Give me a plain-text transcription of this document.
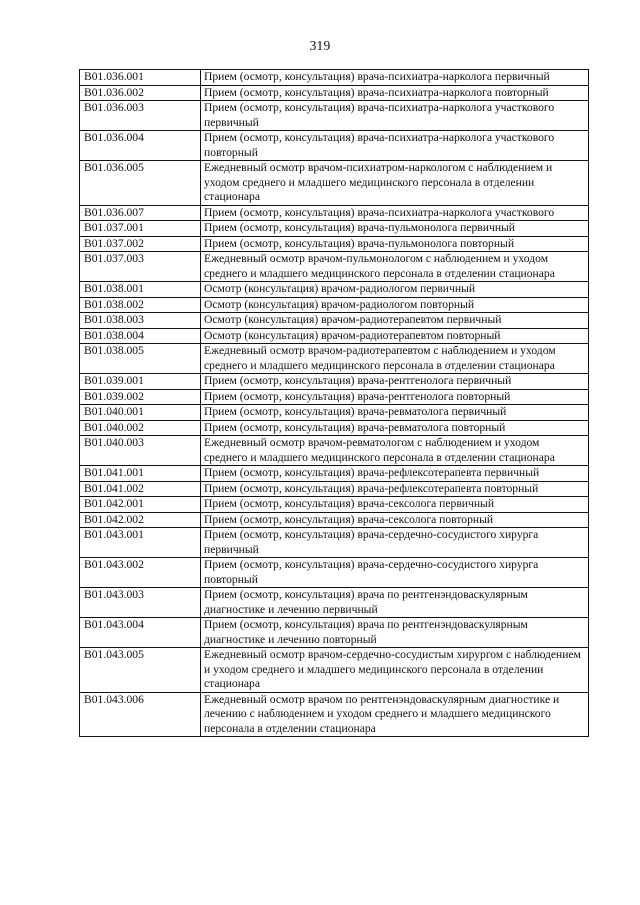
319
B01.036.001	Прием (осмотр, консультация) врача-психиатра-нарколога первичный
B01.036.002	Прием (осмотр, консультация) врача-психиатра-нарколога повторный
B01.036.003	Прием (осмотр, консультация) врача-психиатра-нарколога участкового первичный
B01.036.004	Прием (осмотр, консультация) врача-психиатра-нарколога участкового повторный
B01.036.005	Ежедневный осмотр врачом-психиатром-наркологом с наблюдением и уходом среднего и младшего медицинского персонала в отделении стационара
B01.036.007	Прием (осмотр, консультация) врача-психиатра-нарколога участкового
B01.037.001	Прием (осмотр, консультация) врача-пульмонолога первичный
B01.037.002	Прием (осмотр, консультация) врача-пульмонолога повторный
B01.037.003	Ежедневный осмотр врачом-пульмонологом с наблюдением и уходом среднего и младшего медицинского персонала в отделении стационара
B01.038.001	Осмотр (консультация) врачом-радиологом первичный
B01.038.002	Осмотр (консультация) врачом-радиологом повторный
B01.038.003	Осмотр (консультация) врачом-радиотерапевтом первичный
B01.038.004	Осмотр (консультация) врачом-радиотерапевтом повторный
B01.038.005	Ежедневный осмотр врачом-радиотерапевтом с наблюдением и уходом среднего и младшего медицинского персонала в отделении стационара
B01.039.001	Прием (осмотр, консультация) врача-рентгенолога первичный
B01.039.002	Прием (осмотр, консультация) врача-рентгенолога повторный
B01.040.001	Прием (осмотр, консультация) врача-ревматолога первичный
B01.040.002	Прием (осмотр, консультация) врача-ревматолога повторный
B01.040.003	Ежедневный осмотр врачом-ревматологом с наблюдением и уходом среднего и младшего медицинского персонала в отделении стационара
B01.041.001	Прием (осмотр, консультация) врача-рефлексотерапевта первичный
B01.041.002	Прием (осмотр, консультация) врача-рефлексотерапевта повторный
B01.042.001	Прием (осмотр, консультация) врача-сексолога первичный
B01.042.002	Прием (осмотр, консультация) врача-сексолога повторный
B01.043.001	Прием (осмотр, консультация) врача-сердечно-сосудистого хирурга первичный
B01.043.002	Прием (осмотр, консультация) врача-сердечно-сосудистого хирурга повторный
B01.043.003	Прием (осмотр, консультация) врача по рентгенэндоваскулярным диагностике и лечению первичный
B01.043.004	Прием (осмотр, консультация) врача по рентгенэндоваскулярным диагностике и лечению повторный
B01.043.005	Ежедневный осмотр врачом-сердечно-сосудистым хирургом с наблюдением и уходом среднего и младшего медицинского персонала в отделении стационара
B01.043.006	Ежедневный осмотр врачом по рентгенэндоваскулярным диагностике и лечению с наблюдением и уходом среднего и младшего медицинского персонала в отделении стационара
